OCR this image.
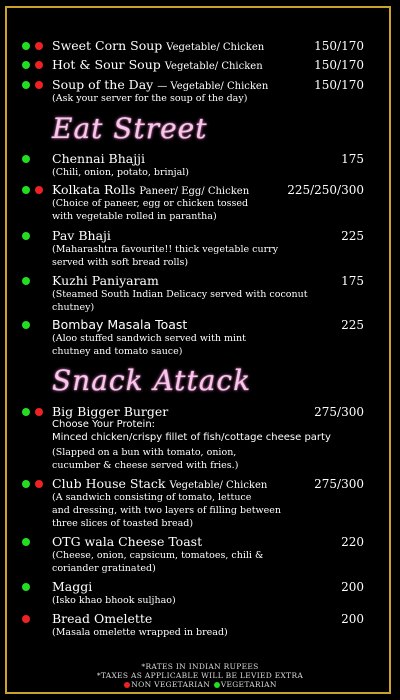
Sweet Corn Soup Vegetable/ Chicken	150/170
Hot & Sour Soup Vegetable/ Chicken	150/170
Soup of the Day — Vegetable/ Chicken	150/170
(Ask your server for the soup of the day)
Eat Street
Chennai Bhajji	175
(Chili, onion, potato, brinjal)
Kolkata Rolls Paneer/ Egg/ Chicken	225/250/300
(Choice of paneer, egg or chicken tossed
with vegetable rolled in parantha)
Pav Bhaji	225
(Maharashtra favourite!! thick vegetable curry
served with soft bread rolls)
Kuzhi Paniyaram	175
(Steamed South Indian Delicacy served with coconut
chutney)
Bombay Masala Toast	225
(Aloo stuffed sandwich served with mint
chutney and tomato sauce)
Snack Attack
Big Bigger Burger	275/300
Choose Your Protein:
Minced chicken/crispy fillet of fish/cottage cheese party
(Slapped on a bun with tomato, onion,
cucumber & cheese served with fries.)
Club House Stack Vegetable/ Chicken	275/300
(A sandwich consisting of tomato, lettuce
and dressing, with two layers of filling between
three slices of toasted bread)
OTG wala Cheese Toast	220
(Cheese, onion, capsicum, tomatoes, chili &
coriander gratinated)
Maggi	200
(Isko khao bhook suljhao)
Bread Omelette	200
(Masala omelette wrapped in bread)
*RATES IN INDIAN RUPEES
*TAXES AS APPLICABLE WILL BE LEVIED EXTRA
NON VEGETARIAN VEGETARIAN
